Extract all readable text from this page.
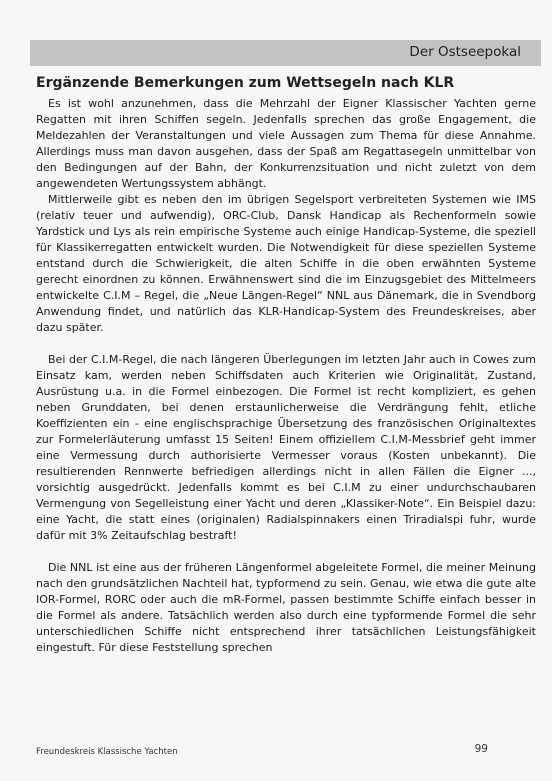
Der Ostseepokal
Ergänzende Bemerkungen zum Wettsegeln nach KLR

Es ist wohl anzunehmen, dass die Mehrzahl der Eigner Klassischer Yachten gerne Regatten mit ihren Schiffen segeln. Jedenfalls sprechen das große Engagement, die Meldezahlen der Veranstaltungen und viele Aussagen zum Thema für diese Annahme. Allerdings muss man davon ausgehen, dass der Spaß am Regattasegeln unmittelbar von den Bedingungen auf der Bahn, der Konkurrenzsituation und nicht zuletzt von dem angewendeten Wertungssystem abhängt.

Mittlerweile gibt es neben den im übrigen Segelsport verbreiteten Systemen wie IMS (relativ teuer und aufwendig), ORC-Club, Dansk Handicap als Rechenformeln sowie Yardstick und Lys als rein empirische Systeme auch einige Handicap-Systeme, die speziell für Klassikerregatten entwickelt wurden. Die Notwendigkeit für diese speziellen Systeme entstand durch die Schwierigkeit, die alten Schiffe in die oben erwähnten Systeme gerecht einordnen zu können. Erwähnenswert sind die im Einzugsgebiet des Mittelmeers entwickelte C.I.M – Regel, die „Neue Längen-Regel“ NNL aus Dänemark, die in Svendborg Anwendung findet, und natürlich das KLR-Handicap-System des Freundeskreises, aber dazu später.

Bei der C.I.M-Regel, die nach längeren Überlegungen im letzten Jahr auch in Cowes zum Einsatz kam, werden neben Schiffsdaten auch Kriterien wie Originalität, Zustand, Ausrüstung u.a. in die Formel einbezogen. Die Formel ist recht kompliziert, es gehen neben Grunddaten, bei denen erstaunlicherweise die Verdrängung fehlt, etliche Koeffizienten ein - eine englischsprachige Übersetzung des französischen Originaltextes zur Formelerläuterung umfasst 15 Seiten! Einem offiziellem C.I.M-Messbrief geht immer eine Vermessung durch authorisierte Vermesser voraus (Kosten unbekannt). Die resultierenden Rennwerte befriedigen allerdings nicht in allen Fällen die Eigner ..., vorsichtig ausgedrückt. Jedenfalls kommt es bei C.I.M zu einer undurchschaubaren Vermengung von Segelleistung einer Yacht und deren „Klassiker-Note“. Ein Beispiel dazu: eine Yacht, die statt eines (originalen) Radialspinnakers einen Triradialspi fuhr, wurde dafür mit 3% Zeitaufschlag bestraft!

Die NNL ist eine aus der früheren Längenformel abgeleitete Formel, die meiner Meinung nach den grundsätzlichen Nachteil hat, typformend zu sein. Genau, wie etwa die gute alte IOR-Formel, RORC oder auch die mR-Formel, passen bestimmte Schiffe einfach besser in die Formel als andere. Tatsächlich werden also durch eine typformende Formel die sehr unterschiedlichen Schiffe nicht entsprechend ihrer tatsächlichen Leistungsfähigkeit eingestuft. Für diese Feststellung sprechen

Freundeskreis Klassische Yachten	99
